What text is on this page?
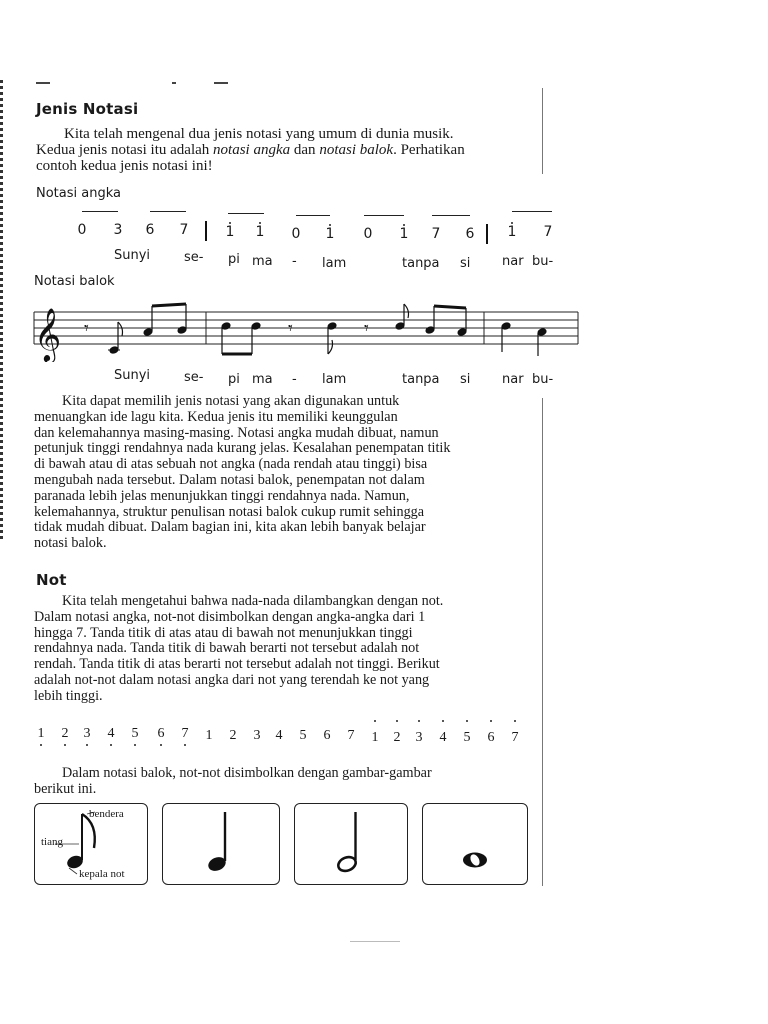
Jenis Notasi

Kita telah mengenal dua jenis notasi yang umum di dunia musik.
Kedua jenis notasi itu adalah notasi angka dan notasi balok. Perhatikan
contoh kedua jenis notasi ini!

Notasi angka
0 3 6 7	1 1 0 1 0 1 7 6 1 7
Sunyi	se- pi ma - lam	tanpa si nar bu-
Notasi balok
𝄞 𝄾	𝄾	𝄾
Sunyi	se- pi ma - lam	tanpa si nar bu-
Kita dapat memilih jenis notasi yang akan digunakan untuk
menuangkan ide lagu kita. Kedua jenis itu memiliki keunggulan
dan kelemahannya masing-masing. Notasi angka mudah dibuat, namun
petunjuk tinggi rendahnya nada kurang jelas. Kesalahan penempatan titik
di bawah atau di atas sebuah not angka (nada rendah atau tinggi) bisa
mengubah nada tersebut. Dalam notasi balok, penempatan not dalam
paranada lebih jelas menunjukkan tinggi rendahnya nada. Namun,
kelemahannya, struktur penulisan notasi balok cukup rumit sehingga
tidak mudah dibuat. Dalam bagian ini, kita akan lebih banyak belajar
notasi balok.
Not
Kita telah mengetahui bahwa nada-nada dilambangkan dengan not.
Dalam notasi angka, not-not disimbolkan dengan angka-angka dari 1
hingga 7. Tanda titik di atas atau di bawah not menunjukkan tinggi
rendahnya nada. Tanda titik di bawah berarti not tersebut adalah not
rendah. Tanda titik di atas berarti not tersebut adalah not tinggi. Berikut
adalah not-not dalam notasi angka dari not yang terendah ke not yang
lebih tinggi.
1 2 3 4 5 6 7 1 2 3 4 5 6 7 1 2 3 4 5 6 7
Dalam notasi balok, not-not disimbolkan dengan gambar-gambar
berikut ini.
bendera
tiang
kepala not
